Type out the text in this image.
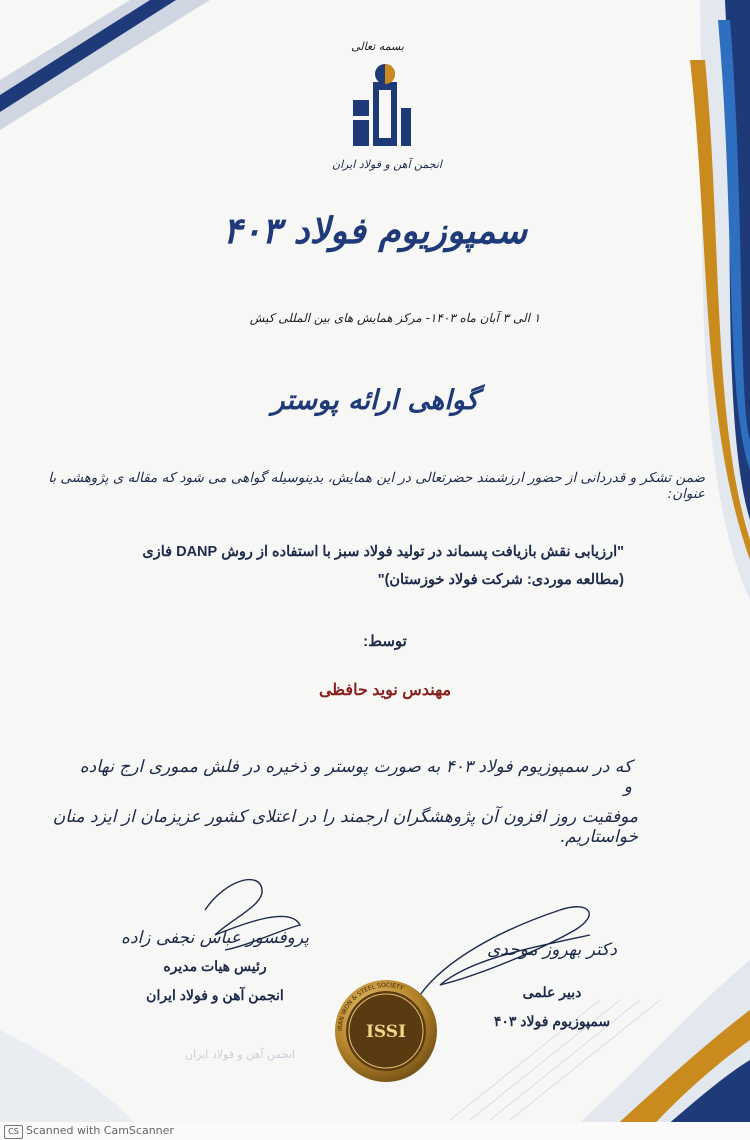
بسمه تعالی
انجمن آهن و فولاد ایران
سمپوزیوم فولاد ۴۰۳
۱ الی ۳ آبان ماه ۱۴۰۳- مرکز همایش های بین المللی کیش
گواهی ارائه پوستر
ضمن تشکر و قدردانی از حضور ارزشمند حضرتعالی در این همایش، بدینوسیله گواهی می شود که مقاله ی پژوهشی با عنوان:
"ارزیابی نقش بازیافت پسماند در تولید فولاد سبز با استفاده از روش DANP فازی
(مطالعه موردی: شرکت فولاد خوزستان)"
توسط:
مهندس نوید حافظی
که در سمپوزیوم فولاد ۴۰۳ به صورت پوستر و ذخیره در فلش مموری ارج نهاده و
موفقیت روز افزون آن پژوهشگران ارجمند را در اعتلای کشور عزیزمان از ایزد منان خواستاریم.
پروفسور عباس نجفی زاده
رئیس هیات مدیره
انجمن آهن و فولاد ایران
دکتر بهروز موحدی
دبیر علمی
سمپوزیوم فولاد ۴۰۳
IRAN IRON & STEEL SOCIETY
ISSI
انجمن آهن و فولاد ایران
CS Scanned with CamScanner
